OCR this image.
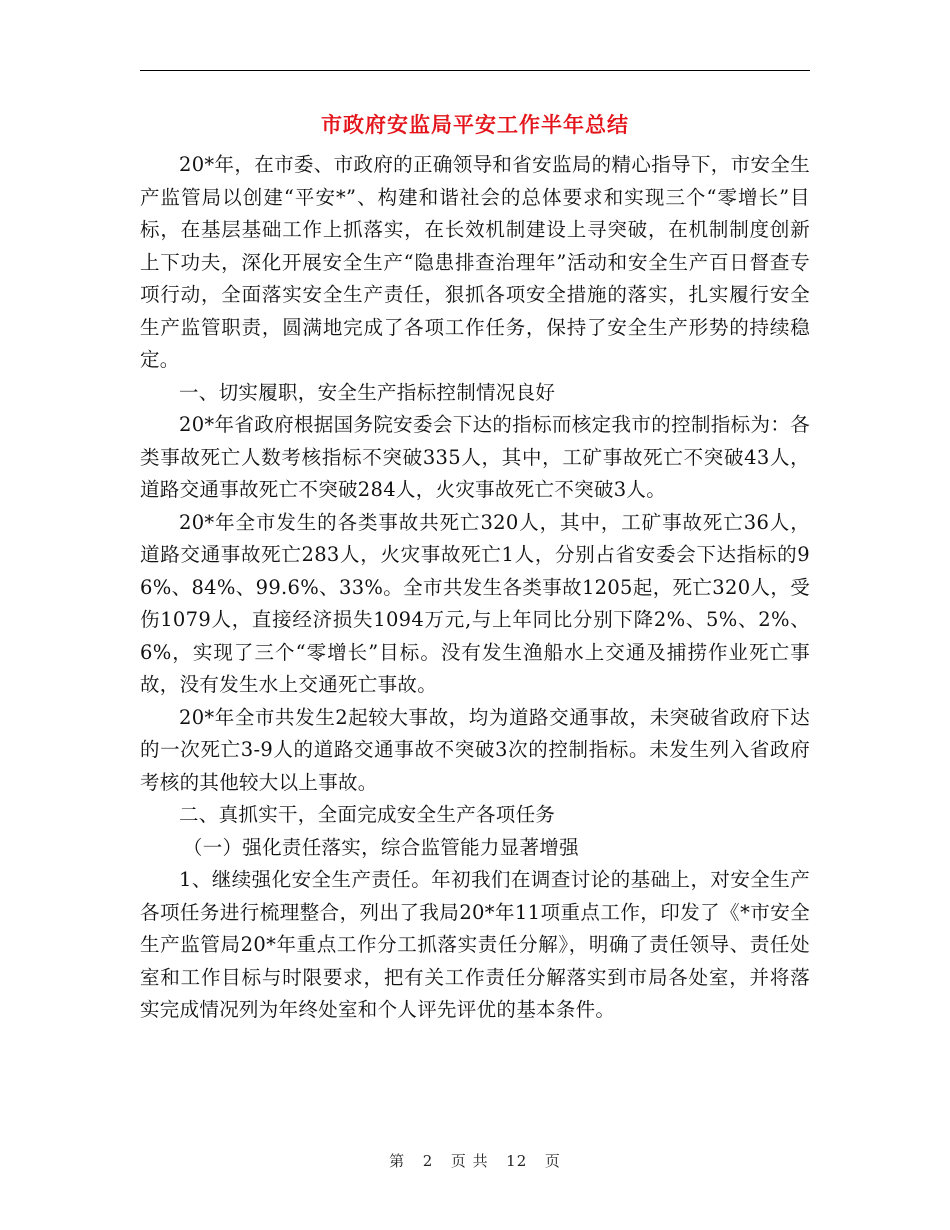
市政府安监局平安工作半年总结

20*年，在市委、市政府的正确领导和省安监局的精心指导下，市安全生产监管局以创建“平安*”、构建和谐社会的总体要求和实现三个“零增长”目标，在基层基础工作上抓落实，在长效机制建设上寻突破，在机制制度创新上下功夫，深化开展安全生产“隐患排查治理年”活动和安全生产百日督查专项行动，全面落实安全生产责任，狠抓各项安全措施的落实，扎实履行安全生产监管职责，圆满地完成了各项工作任务，保持了安全生产形势的持续稳定。

一、切实履职，安全生产指标控制情况良好

20*年省政府根据国务院安委会下达的指标而核定我市的控制指标为：各类事故死亡人数考核指标不突破335人，其中，工矿事故死亡不突破43人，道路交通事故死亡不突破284人，火灾事故死亡不突破3人。

20*年全市发生的各类事故共死亡320人，其中，工矿事故死亡36人，道路交通事故死亡283人，火灾事故死亡1人，分别占省安委会下达指标的96%、84%、99.6%、33%。全市共发生各类事故1205起，死亡320人，受伤1079人，直接经济损失1094万元,与上年同比分别下降2%、5%、2%、6%，实现了三个“零增长”目标。没有发生渔船水上交通及捕捞作业死亡事故，没有发生水上交通死亡事故。

20*年全市共发生2起较大事故，均为道路交通事故，未突破省政府下达的一次死亡3-9人的道路交通事故不突破3次的控制指标。未发生列入省政府考核的其他较大以上事故。

二、真抓实干，全面完成安全生产各项任务

（一）强化责任落实，综合监管能力显著增强

1、继续强化安全生产责任。年初我们在调查讨论的基础上，对安全生产各项任务进行梳理整合，列出了我局20*年11项重点工作，印发了《*市安全生产监管局20*年重点工作分工抓落实责任分解》，明确了责任领导、责任处室和工作目标与时限要求，把有关工作责任分解落实到市局各处室，并将落实完成情况列为年终处室和个人评先评优的基本条件。

第 2 页 共 12 页
